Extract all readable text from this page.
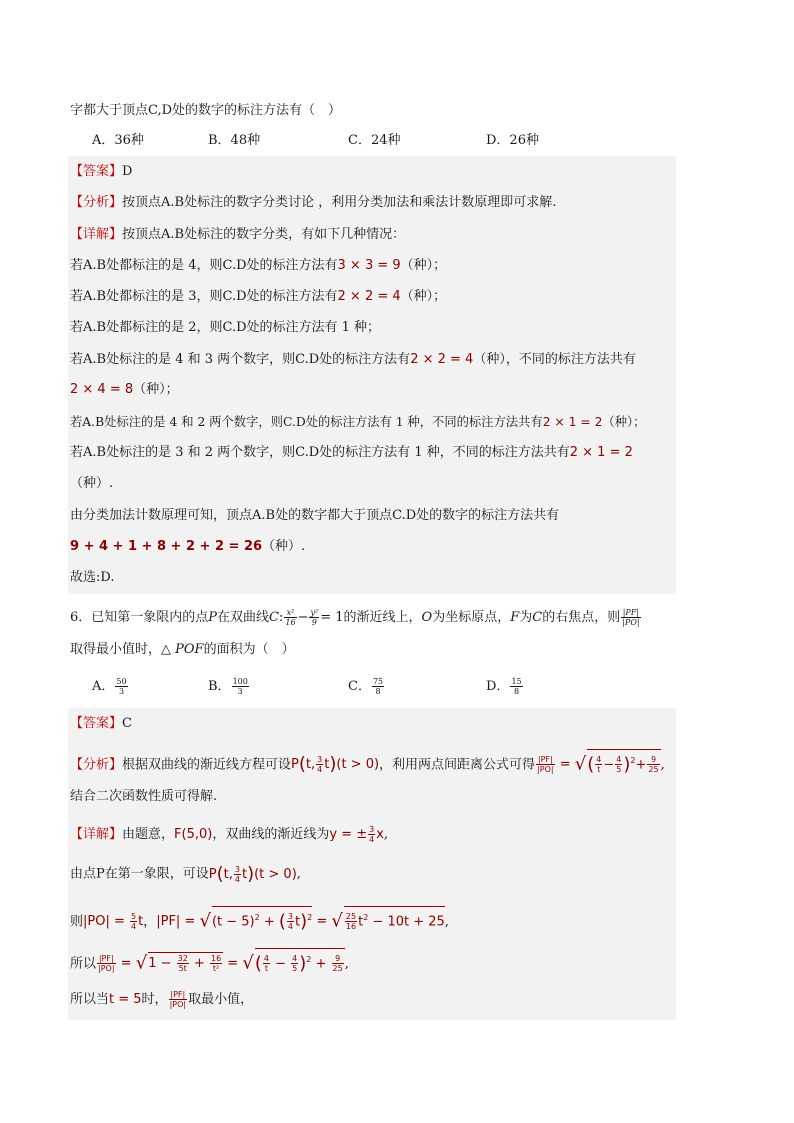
字都大于顶点C,D处的数字的标注方法有（　）
A．36种	B．48种	C．24种	D．26种
【答案】D
【分析】按顶点A.B处标注的数字分类讨论 ，利用分类加法和乘法计数原理即可求解.
【详解】按顶点A.B处标注的数字分类，有如下几种情况：
若A.B处都标注的是 4，则C.D处的标注方法有3 × 3 = 9（种）；
若A.B处都标注的是 3，则C.D处的标注方法有2 × 2 = 4（种）；
若A.B处都标注的是 2，则C.D处的标注方法有 1 种；
若A.B处标注的是 4 和 3 两个数字，则C.D处的标注方法有2 × 2 = 4（种），不同的标注方法共有
2 × 4 = 8（种）；
若A.B处标注的是 4 和 2 两个数字，则C.D处的标注方法有 1 种，不同的标注方法共有2 × 1 = 2（种）；
若A.B处标注的是 3 和 2 两个数字，则C.D处的标注方法有 1 种，不同的标注方法共有2 × 1 = 2
（种）.
由分类加法计数原理可知，顶点A.B处的数字都大于顶点C.D处的数字的标注方法共有
9 + 4 + 1 + 8 + 2 + 2 = 26（种）.
故选:D.
6．已知第一象限内的点P在双曲线C: $\frac{\text{x²}}{16} - \frac{\text{y²}}{9} = 1$的渐近线上，O为坐标原点，F为C的右焦点，则 $\frac{|PF|}{|PO|}$
取得最小值时，△ POF的面积为（　）
A． $\frac{50}{3}$	B． $\frac{100}{3}$	C． $\frac{75}{8}$	D． $\frac{15}{8}$
【答案】C
【分析】根据双曲线的渐近线方程可设P(t, $\frac{3}{4} t)(t > 0)$，利用两点间距离公式可得 $\frac{|PF|}{|PO|}$ = √( $\frac{4}{t} - \frac{4}{5} )^2+ \frac{9}{25}$ ,
结合二次函数性质可得解.
【详解】由题意，F(5,0)，双曲线的渐近线为y = ± $\frac{3}{4} x$,
由点P在第一象限，可设P(t, $\frac{3}{4} t)(t > 0)$,
则$|PO| = \frac{5}{4}$ t，$|PF| = √(t - 5)^2$ + ( $\frac{3}{4} t)^2$ = √ $\frac{25}{16} t^2 - 10t + 25$,
所以 $\frac{|PF|}{|PO|} = √1 - \frac{32}{5t} + \frac{16}{\text{t²}}$ = √( $\frac{4}{t} - \frac{4}{5} )^2 + \frac{9}{25}$ ,
所以当t = 5时， $\frac{|PF|}{|PO|}$ 取最小值，
